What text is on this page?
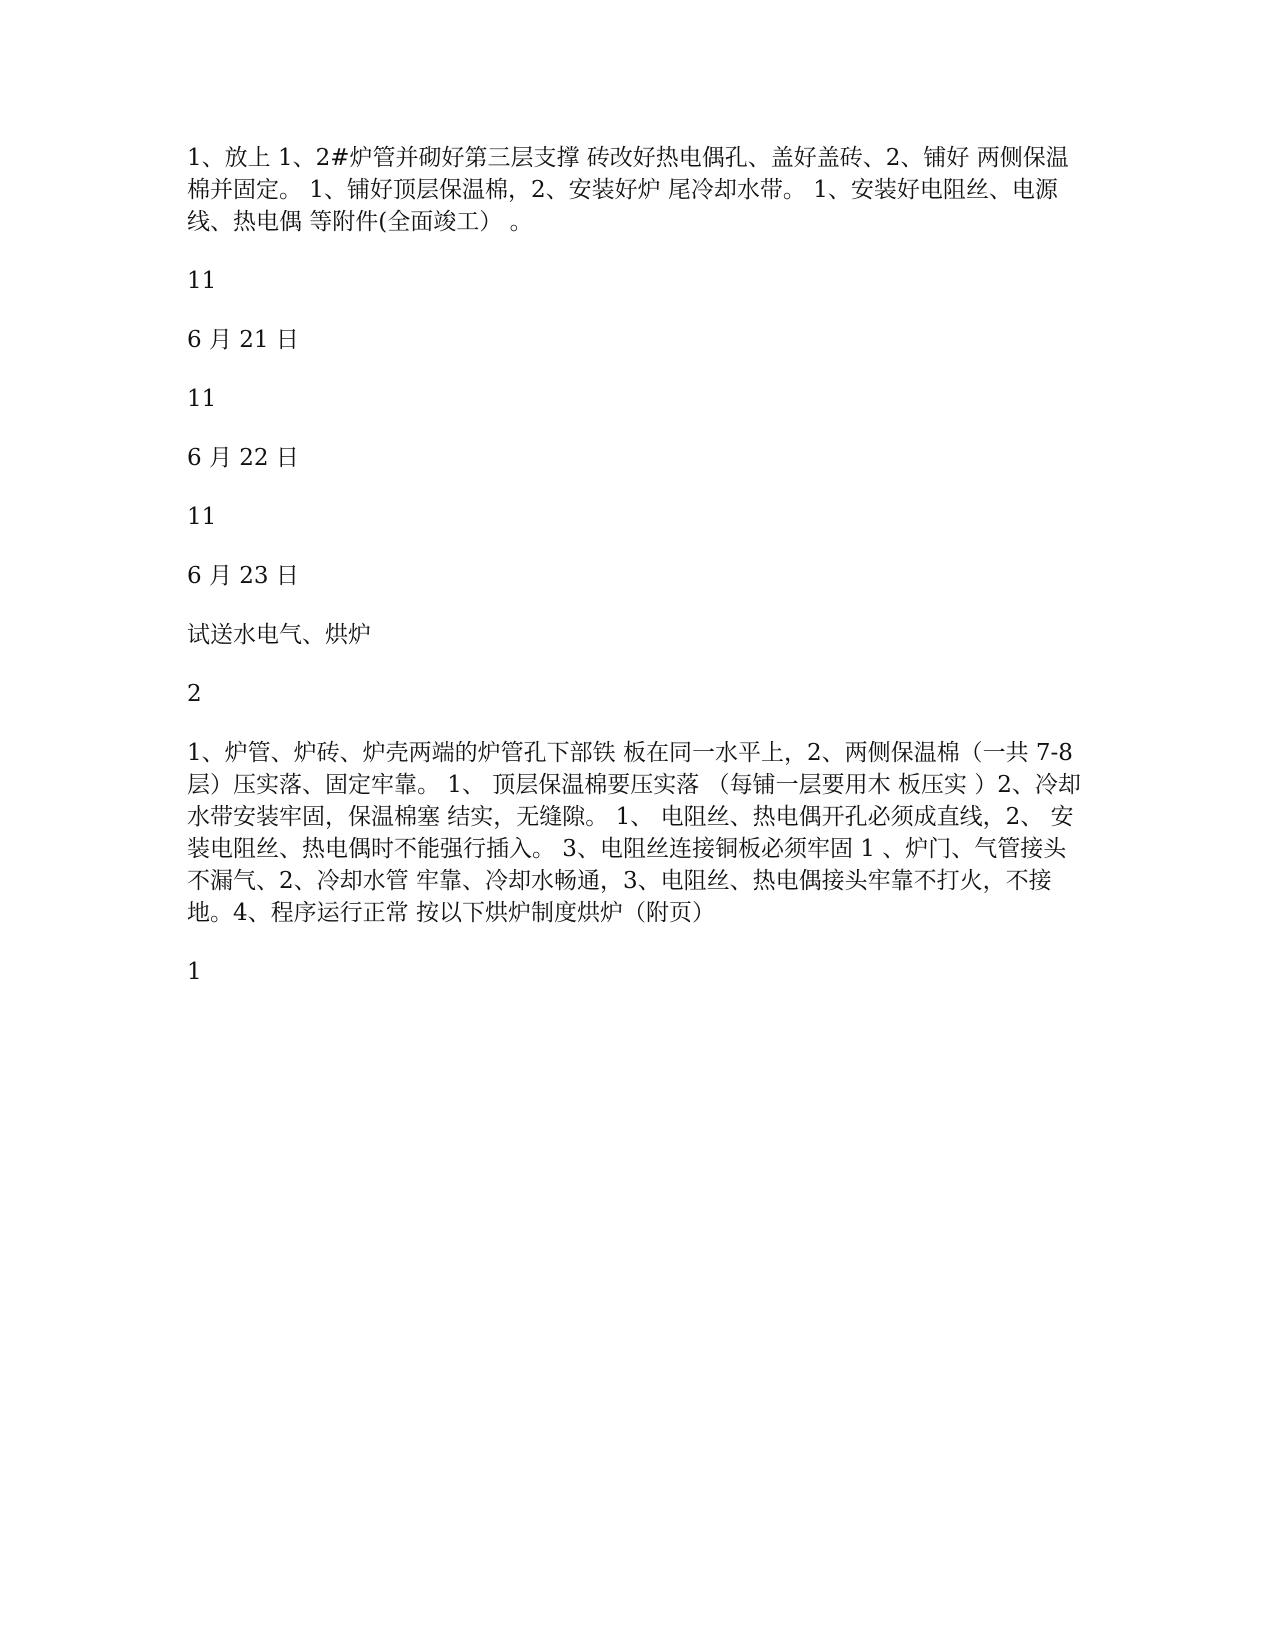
1、放上 1、2#炉管并砌好第三层支撑 砖改好热电偶孔、盖好盖砖、2、铺好 两侧保温棉并固定。 1、铺好顶层保温棉，2、安装好炉 尾冷却水带。 1、安装好电阻丝、电源线、热电偶 等附件(全面竣工） 。

11

6 月 21 日

11

6 月 22 日

11

6 月 23 日

试送水电气、烘炉

2

1、炉管、炉砖、炉壳两端的炉管孔下部铁 板在同一水平上，2、两侧保温棉（一共 7-8 层）压实落、固定牢靠。 1、 顶层保温棉要压实落 （每铺一层要用木 板压实 ）2、冷却水带安装牢固，保温棉塞 结实，无缝隙。 1、 电阻丝、热电偶开孔必须成直线，2、 安装电阻丝、热电偶时不能强行插入。 3、电阻丝连接铜板必须牢固 1 、炉门、气管接头不漏气、2、冷却水管 牢靠、冷却水畅通，3、电阻丝、热电偶接头牢靠不打火，不接地。4、程序运行正常 按以下烘炉制度烘炉（附页）

1
